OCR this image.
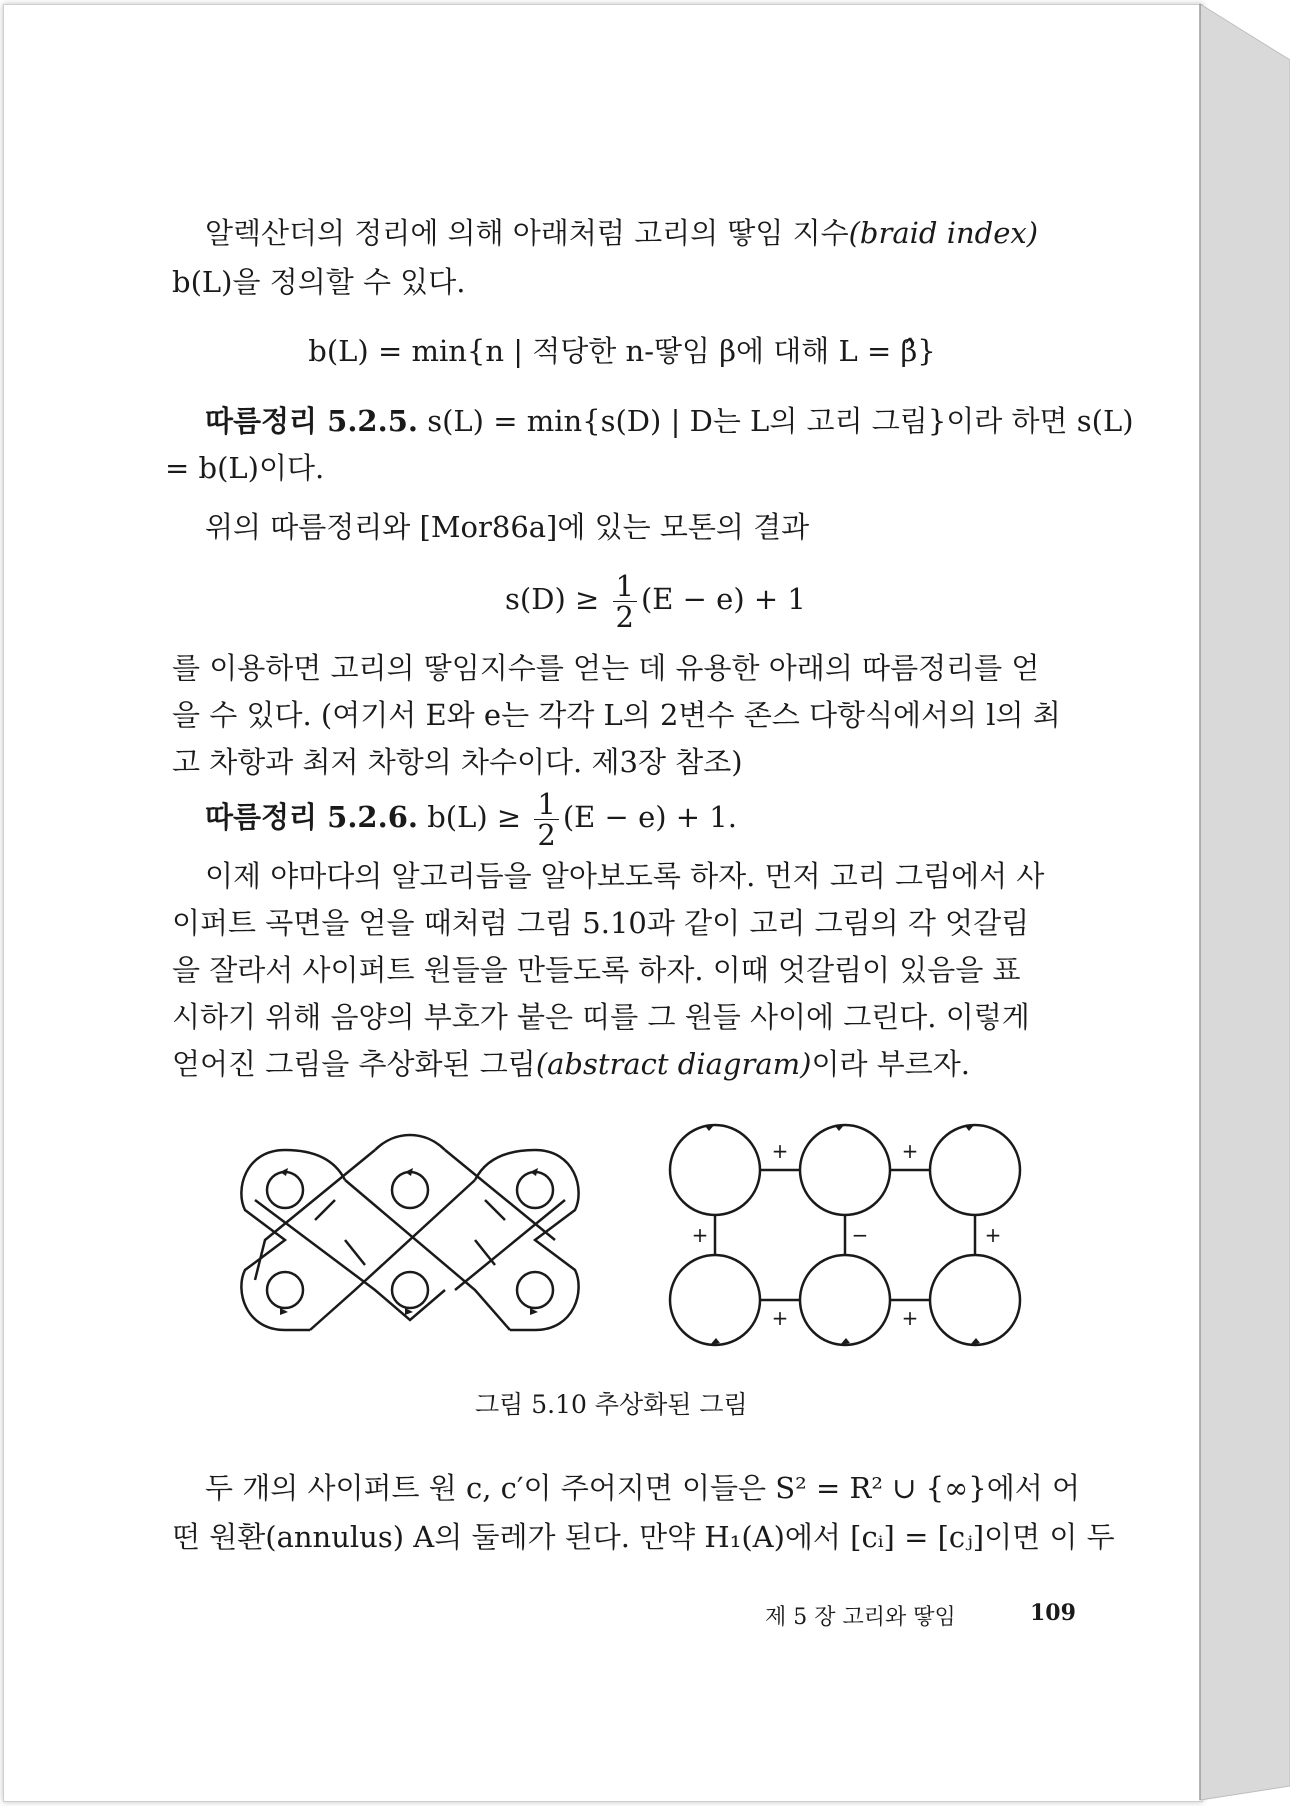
알렉산더의 정리에 의해 아래처럼 고리의 땋임 지수(braid index)
b(L)을 정의할 수 있다.
b(L) = min{n | 적당한 n-땋임 β에 대해 L = β̂}
따름정리 5.2.5. s(L) = min{s(D) | D는 L의 고리 그림}이라 하면 s(L)
= b(L)이다.
위의 따름정리와 [Mor86a]에 있는 모톤의 결과
$s(D) \ge \frac{1}{2} (E - e) + 1$
를 이용하면 고리의 땋임지수를 얻는 데 유용한 아래의 따름정리를 얻
을 수 있다. (여기서 E와 e는 각각 L의 2변수 존스 다항식에서의 l의 최
고 차항과 최저 차항의 차수이다. 제3장 참조)
따름정리 5.2.6. $b(L) \ge \frac{1}{2} (E - e) + 1$.
이제 야마다의 알고리듬을 알아보도록 하자. 먼저 고리 그림에서 사
이퍼트 곡면을 얻을 때처럼 그림 5.10과 같이 고리 그림의 각 엇갈림
을 잘라서 사이퍼트 원들을 만들도록 하자. 이때 엇갈림이 있음을 표
시하기 위해 음양의 부호가 붙은 띠를 그 원들 사이에 그린다. 이렇게
얻어진 그림을 추상화된 그림(abstract diagram)이라 부르자.
+	+
+	−	+
+	+
그림 5.10 추상화된 그림
두 개의 사이퍼트 원 c, c′이 주어지면 이들은 S² = R² ∪ {∞}에서 어
떤 원환(annulus) A의 둘레가 된다. 만약 H₁(A)에서 [cᵢ] = [cⱼ]이면 이 두
제 5 장 고리와 땋임	109
